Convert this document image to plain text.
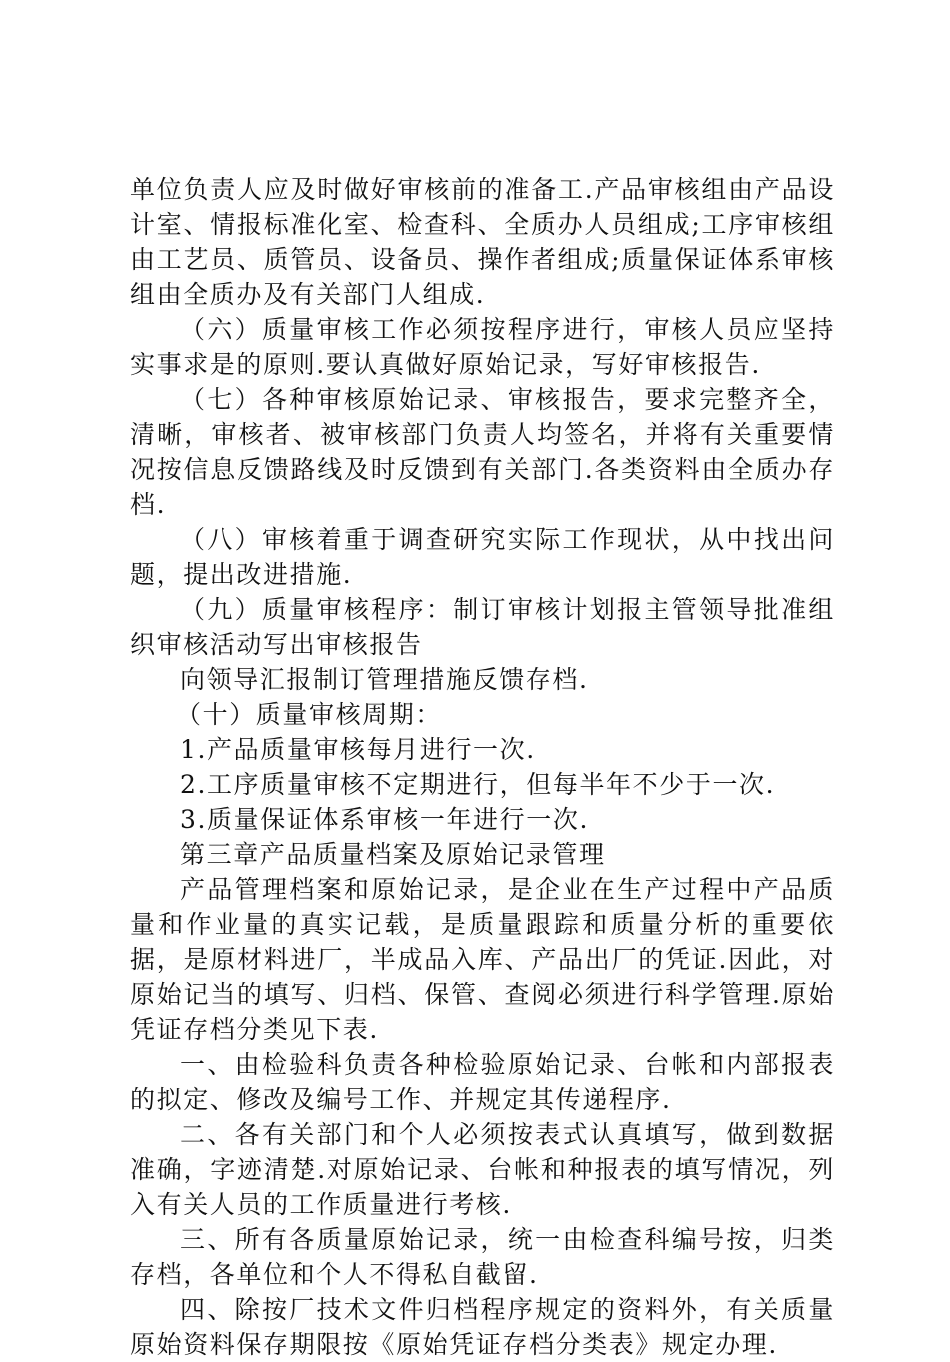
单位负责人应及时做好审核前的准备工.产品审核组由产品设计室、情报标准化室、检查科、全质办人员组成;工序审核组由工艺员、质管员、设备员、操作者组成;质量保证体系审核组由全质办及有关部门人组成.

（六）质量审核工作必须按程序进行，审核人员应坚持实事求是的原则.要认真做好原始记录，写好审核报告.

（七）各种审核原始记录、审核报告，要求完整齐全，清晰，审核者、被审核部门负责人均签名，并将有关重要情况按信息反馈路线及时反馈到有关部门.各类资料由全质办存档.

（八）审核着重于调查研究实际工作现状，从中找出问题，提出改进措施.

（九）质量审核程序：制订审核计划报主管领导批准组织审核活动写出审核报告

向领导汇报制订管理措施反馈存档.

（十）质量审核周期：

1.产品质量审核每月进行一次.

2.工序质量审核不定期进行，但每半年不少于一次.

3.质量保证体系审核一年进行一次.

第三章产品质量档案及原始记录管理

产品管理档案和原始记录，是企业在生产过程中产品质量和作业量的真实记载，是质量跟踪和质量分析的重要依据，是原材料进厂，半成品入库、产品出厂的凭证.因此，对原始记当的填写、归档、保管、查阅必须进行科学管理.原始凭证存档分类见下表.

一、由检验科负责各种检验原始记录、台帐和内部报表的拟定、修改及编号工作、并规定其传递程序.

二、各有关部门和个人必须按表式认真填写，做到数据准确，字迹清楚.对原始记录、台帐和种报表的填写情况，列入有关人员的工作质量进行考核.

三、所有各质量原始记录，统一由检查科编号按，归类存档，各单位和个人不得私自截留.

四、除按厂技术文件归档程序规定的资料外，有关质量原始资料保存期限按《原始凭证存档分类表》规定办理.
